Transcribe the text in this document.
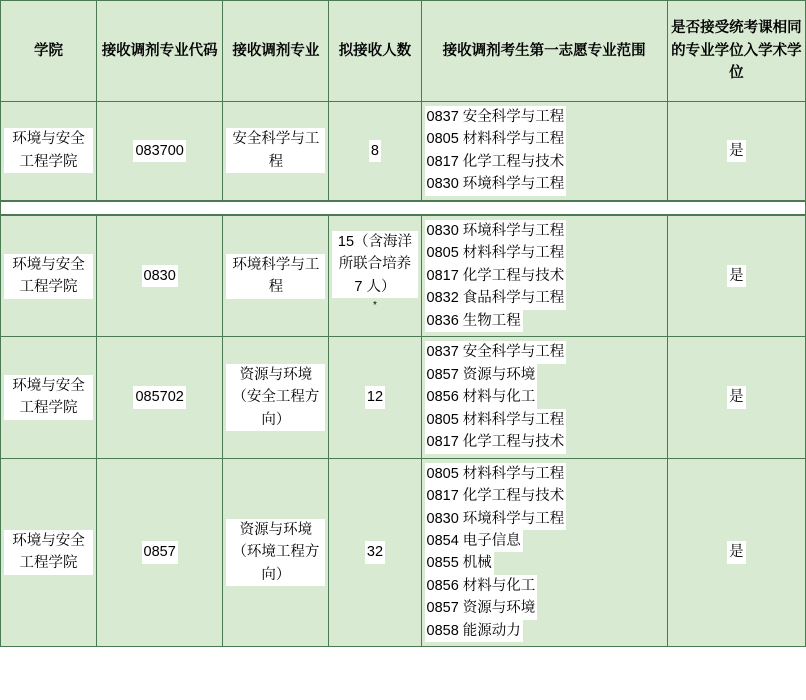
学院	接收调剂专业代码	接收调剂专业	拟接收人数	接收调剂考生第一志愿专业范围	是否接受统考课相同的专业学位入学术学位
环境与安全工程学院	083700	安全科学与工程	8	0837 安全科学与工程
0805 材料科学与工程
0817 化学工程与技术
0830 环境科学与工程	是
环境与安全工程学院	0830	环境科学与工程	15（含海洋所联合培养 7 人） *	0830 环境科学与工程
0805 材料科学与工程
0817 化学工程与技术
0832 食品科学与工程
0836 生物工程	是
环境与安全工程学院	085702	资源与环境（安全工程方向）	12	0837 安全科学与工程
0857 资源与环境
0856 材料与化工
0805 材料科学与工程
0817 化学工程与技术	是
环境与安全工程学院	0857	资源与环境（环境工程方向）	32	
0805 材料科学与工程
0817 化学工程与技术
0830 环境科学与工程
0854 电子信息
0855 机械
0856 材料与化工
0857 资源与环境
0858 能源动力
	是
